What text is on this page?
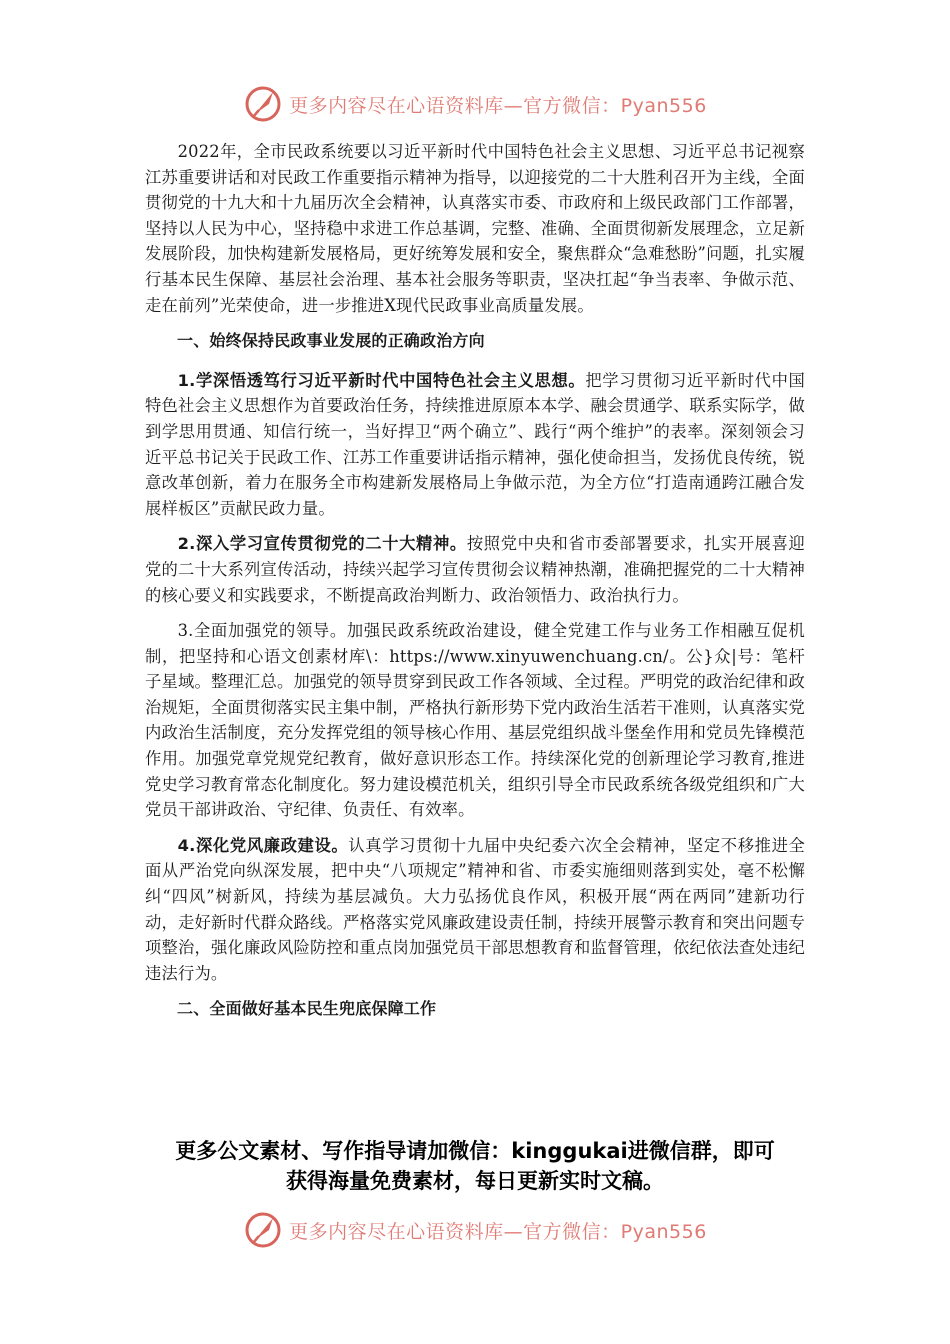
更多内容尽在心语资料库—官方微信：Pyan556

2022年，全市民政系统要以习近平新时代中国特色社会主义思想、习近平总书记视察江苏重要讲话和对民政工作重要指示精神为指导，以迎接党的二十大胜利召开为主线，全面贯彻党的十九大和十九届历次全会精神，认真落实市委、市政府和上级民政部门工作部署，坚持以人民为中心，坚持稳中求进工作总基调，完整、准确、全面贯彻新发展理念，立足新发展阶段，加快构建新发展格局，更好统筹发展和安全，聚焦群众“急难愁盼”问题，扎实履行基本民生保障、基层社会治理、基本社会服务等职责，坚决扛起“争当表率、争做示范、走在前列”光荣使命，进一步推进X现代民政事业高质量发展。

一、始终保持民政事业发展的正确政治方向

1.学深悟透笃行习近平新时代中国特色社会主义思想。把学习贯彻习近平新时代中国特色社会主义思想作为首要政治任务，持续推进原原本本学、融会贯通学、联系实际学，做到学思用贯通、知信行统一，当好捍卫“两个确立”、践行“两个维护”的表率。深刻领会习近平总书记关于民政工作、江苏工作重要讲话指示精神，强化使命担当，发扬优良传统，锐意改革创新，着力在服务全市构建新发展格局上争做示范，为全方位“打造南通跨江融合发展样板区”贡献民政力量。

2.深入学习宣传贯彻党的二十大精神。按照党中央和省市委部署要求，扎实开展喜迎党的二十大系列宣传活动，持续兴起学习宣传贯彻会议精神热潮，准确把握党的二十大精神的核心要义和实践要求，不断提高政治判断力、政治领悟力、政治执行力。

3.全面加强党的领导。加强民政系统政治建设，健全党建工作与业务工作相融互促机制，把坚持和心语文创素材库\：https://www.xinyuwenchuang.cn/。公}众|号：笔杆子星域。整理汇总。加强党的领导贯穿到民政工作各领域、全过程。严明党的政治纪律和政治规矩，全面贯彻落实民主集中制，严格执行新形势下党内政治生活若干准则，认真落实党内政治生活制度，充分发挥党组的领导核心作用、基层党组织战斗堡垒作用和党员先锋模范作用。加强党章党规党纪教育，做好意识形态工作。持续深化党的创新理论学习教育,推进党史学习教育常态化制度化。努力建设模范机关，组织引导全市民政系统各级党组织和广大党员干部讲政治、守纪律、负责任、有效率。

4.深化党风廉政建设。认真学习贯彻十九届中央纪委六次全会精神，坚定不移推进全面从严治党向纵深发展，把中央“八项规定”精神和省、市委实施细则落到实处，毫不松懈纠“四风”树新风，持续为基层减负。大力弘扬优良作风，积极开展“两在两同”建新功行动，走好新时代群众路线。严格落实党风廉政建设责任制，持续开展警示教育和突出问题专项整治，强化廉政风险防控和重点岗加强党员干部思想教育和监督管理，依纪依法查处违纪违法行为。

二、全面做好基本民生兜底保障工作

更多公文素材、写作指导请加微信：kinggukai进微信群，即可
获得海量免费素材，每日更新实时文稿。
更多内容尽在心语资料库—官方微信：Pyan556
